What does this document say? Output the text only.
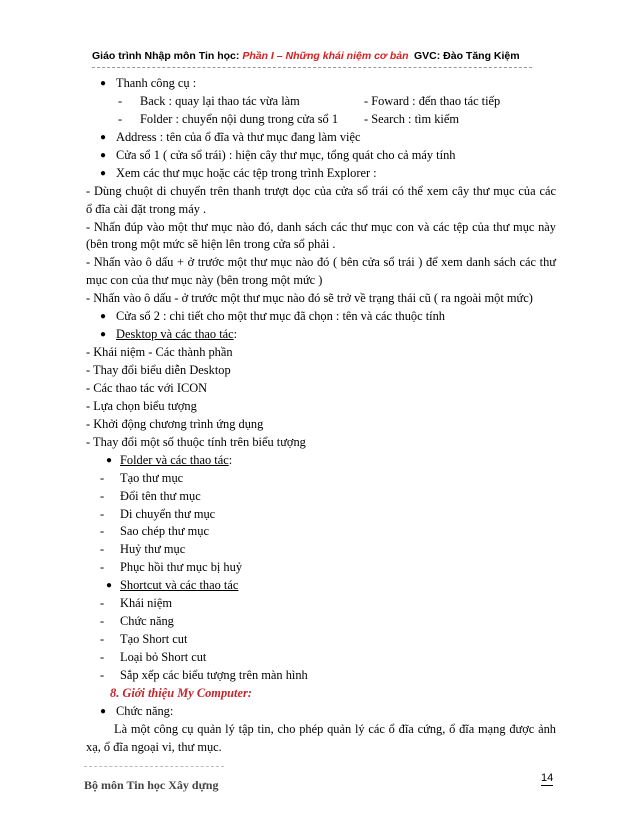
Giáo trình Nhập môn Tin học: Phần I – Những khái niệm cơ bản GVC: Đào Tăng Kiệm
● Thanh công cụ :
- Back : quay lại thao tác vừa làm	- Foward : đến thao tác tiếp
- Folder : chuyển nội dung trong cửa sổ 1 - Search : tìm kiếm
● Address : tên của ổ đĩa và thư mục đang làm việc
● Cửa sổ 1 ( cửa sổ trái) : hiện cây thư mục, tổng quát cho cả máy tính
● Xem các thư mục hoặc các tệp trong trình Explorer :
- Dùng chuột di chuyển trên thanh trượt dọc của cửa sổ trái có thể xem cây thư mục của các
ổ đĩa cài đặt trong máy .
- Nhấn đúp vào một thư mục nào đó, danh sách các thư mục con và các tệp của thư mục này
(bên trong một mức sẽ hiện lên trong cửa sổ phải .
- Nhấn vào ô dấu + ở trước một thư mục nào đó ( bên cửa sổ trái ) để xem danh sách các thư
mục con của thư mục này (bên trong một mức )
- Nhấn vào ô dấu - ở trước một thư mục nào đó sẽ trở về trạng thái cũ ( ra ngoài một mức)
● Cửa sổ 2 : chi tiết cho một thư mục đã chọn : tên và các thuộc tính
● Desktop và các thao tác:
- Khái niệm - Các thành phần
- Thay đổi biểu diễn Desktop
- Các thao tác với ICON
- Lựa chọn biểu tượng
- Khởi động chương trình ứng dụng
- Thay đổi một số thuộc tính trên biểu tượng
● Folder và các thao tác:
- Tạo thư mục
- Đổi tên thư mục
- Di chuyển thư mục
- Sao chép thư mục
- Huỷ thư mục
- Phục hồi thư mục bị huỷ
● Shortcut và các thao tác
- Khái niệm
- Chức năng
- Tạo Short cut
- Loại bỏ Short cut
- Sắp xếp các biểu tượng trên màn hình
8. Giới thiệu My Computer:
● Chức năng:
Là một công cụ quản lý tập tin, cho phép quản lý các ổ đĩa cứng, ổ đĩa mạng được ảnh
xạ, ổ đĩa ngoại vi, thư mục.
Bộ môn Tin học Xây dựng	14
